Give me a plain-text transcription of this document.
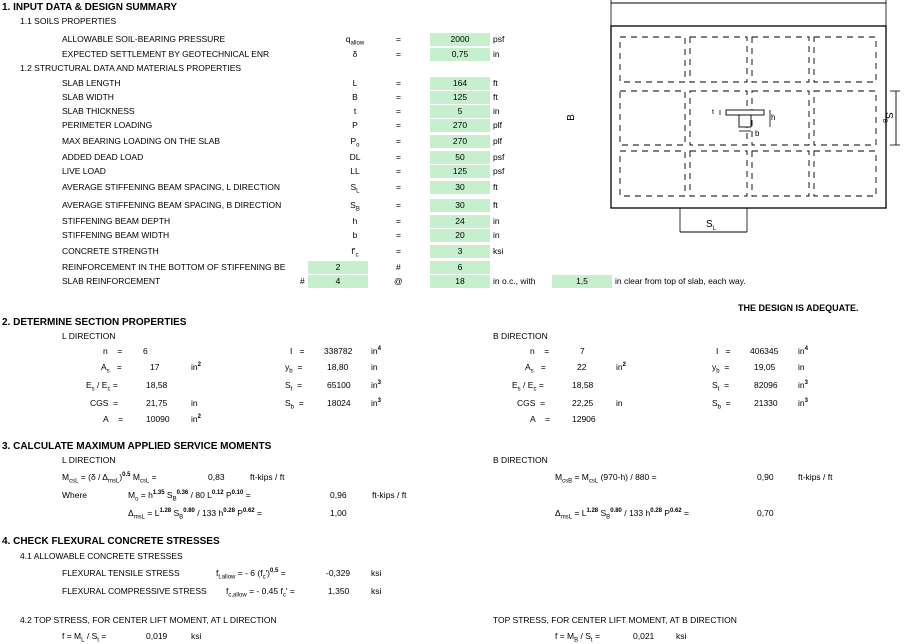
1. INPUT DATA & DESIGN SUMMARY
1.1 SOILS PROPERTIES
ALLOWABLE SOIL-BEARING PRESSURE	$q_{allow}$	=	2000	psf
EXPECTED SETTLEMENT BY GEOTECHNICAL ENR	δ	=	0,75	in
SLAB LENGTH	L	=	164	ft
SLAB WIDTH	B	=	125	ft
SLAB THICKNESS	t	=	5	in
PERIMETER LOADING	P	=	270	plf
MAX BEARING LOADING ON THE SLAB	$P_o$	=	270	plf
ADDED DEAD LOAD	DL	=	50	psf
LIVE LOAD	LL	=	125	psf
AVERAGE STIFFENING BEAM SPACING, L DIRECTION	$S_L$	=	30	ft
AVERAGE STIFFENING BEAM SPACING, B DIRECTION	$S_B$	=	30	ft
STIFFENING BEAM DEPTH	h	=	24	in
STIFFENING BEAM WIDTH	b	=	20	in
CONCRETE STRENGTH	$f'_c$	=	3	ksi
1.2 STRUCTURAL DATA AND MATERIALS PROPERTIES
REINFORCEMENT IN THE BOTTOM OF STIFFENING BE	2	#	6
SLAB REINFORCEMENT	#	4	@	18	in o.c., with	1,5	in clear from top of slab, each way.
THE DESIGN IS ADEQUATE.
B	$S_B$
$S_L$
t
h
b
2. DETERMINE SECTION PROPERTIES
L DIRECTION
n = 6
$A_s$ =	17	$in^2$
$E_s / E_c$ =	18,58
CGS =	21,75	in
A =	10090	$in^2$
I = 338782 $in^4$
$y_b$ =	18,80	in
$S_t$ =	65100 $in^3$
$S_b$ =	18024 $in^3$
B DIRECTION
n =	7
$A_s$ =	22	$in^2$
$E_s / E_c$ =	18,58
CGS =	22,25	in
A =	12906
I = 406345 $in^4$
$y_b$ =	19,05	in
$S_t$ =	82096 $in^3$
$S_b$ =	21330 $in^3$
3. CALCULATE MAXIMUM APPLIED SERVICE MOMENTS
L DIRECTION	B DIRECTION
$M_{csL} = (\delta / \Delta_{msL})^{0.5}$ $M_{csL}$ =	0,83	ft-kips / ft
Where	$M_o = h^{1.35}$ $S_B^{0.36} / 80$ $L^{0.12}$ $P^{0.10}$ =	0,96	ft-kips / ft
$\Delta_{msL} = L^{1.28}$ $S_B^{0.80} / 133$ $h^{0.28}$ $P^{0.62}$ =	1,00
$M_{csB} = M_{csL}$ (970-h) / 880 =	0,90	ft-kips / ft
$\Delta_{msL} = L^{1.28}$ $S_B^{0.80} / 133$ $h^{0.28}$ $P^{0.62}$ =	0,70
4. CHECK FLEXURAL CONCRETE STRESSES
4.1 ALLOWABLE CONCRETE STRESSES
FLEXURAL TENSILE STRESS	$f_{t,allow}$ = - 6 $(f_c')^{0.5}$ =	-0,329 ksi
FLEXURAL COMPRESSIVE STRESS $f_{c,allow}$ = - 0.45 $f_c'$ =	1,350	ksi
4.2 TOP STRESS, FOR CENTER LIFT MOMENT, AT L DIRECTION	TOP STRESS, FOR CENTER LIFT MOMENT, AT B DIRECTION
$f = M_L / S_t$ =	0,019	ksi	$f = M_B / S_t$ =	0,021	ksi
